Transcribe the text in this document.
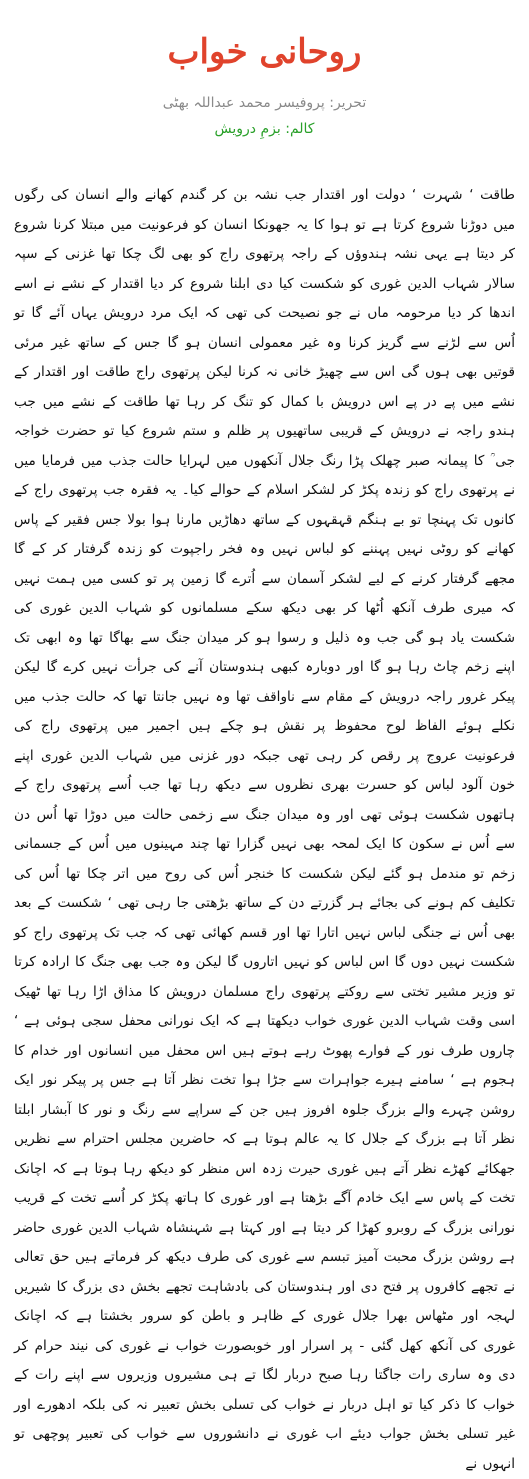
روحانی خواب
تحریر: پروفیسر محمد عبداللہ بھٹی
کالم: بزمِ درویش
طاقت ‘ شہرت ‘ دولت اور اقتدار جب نشہ بن کر گندم کھانے والے انسان کی رگوں میں دوڑنا شروع کرتا ہے تو ہوا کا یہ جھونکا انسان کو فرعونیت میں مبتلا کرنا شروع کر دیتا ہے یہی نشہ ہندوؤں کے راجہ پرتھوی راج کو بھی لگ چکا تھا غزنی کے سپہ سالار شہاب الدین غوری کو شکست کیا دی ابلنا شروع کر دیا اقتدار کے نشے نے اسے اندھا کر دیا مرحومہ ماں نے جو نصیحت کی تھی کہ ایک مرد درویش یہاں آئے گا تو اُس سے لڑنے سے گریز کرنا وہ غیر معمولی انسان ہو گا جس کے ساتھ غیر مرئی قوتیں بھی ہوں گی اس سے چھیڑ خانی نہ کرنا لیکن پرتھوی راج طاقت اور اقتدار کے نشے میں پے در پے اس درویش با کمال کو تنگ کر رہا تھا طاقت کے نشے میں جب ہندو راجہ نے درویش کے قریبی ساتھیوں پر ظلم و ستم شروع کیا تو حضرت خواجہ جی ؒ کا پیمانہ صبر چھلک پڑا رنگ جلال آنکھوں میں لہرایا حالت جذب میں فرمایا میں نے پرتھوی راج کو زندہ پکڑ کر لشکر اسلام کے حوالے کیا۔ یہ فقرہ جب پرتھوی راج کے کانوں تک پہنچا تو بے ہنگم قہقہوں کے ساتھ دھاڑیں مارنا ہوا بولا جس فقیر کے پاس کھانے کو روٹی نہیں پہننے کو لباس نہیں وہ فخر راجپوت کو زندہ گرفتار کر کے گا مجھے گرفتار کرنے کے لیے لشکر آسمان سے اُترے گا زمین پر تو کسی میں ہمت نہیں کہ میری طرف آنکھ اُٹھا کر بھی دیکھ سکے مسلمانوں کو شہاب الدین غوری کی شکست یاد ہو گی جب وہ ذلیل و رسوا ہو کر میدان جنگ سے بھاگا تھا وہ ابھی تک اپنے زخم چاٹ رہا ہو گا اور دوبارہ کبھی ہندوستان آنے کی جرأت نہیں کرے گا لیکن پیکر غرور راجہ درویش کے مقام سے ناواقف تھا وہ نہیں جانتا تھا کہ حالت جذب میں نکلے ہوئے الفاظ لوح محفوظ پر نقش ہو چکے ہیں اجمیر میں پرتھوی راج کی فرعونیت عروج پر رقص کر رہی تھی جبکہ دور غزنی میں شہاب الدین غوری اپنے خون آلود لباس کو حسرت بھری نظروں سے دیکھ رہا تھا جب اُسے پرتھوی راج کے ہاتھوں شکست ہوئی تھی اور وہ میدان جنگ سے زخمی حالت میں دوڑا تھا اُس دن سے اُس نے سکون کا ایک لمحہ بھی نہیں گزارا تھا چند مہینوں میں اُس کے جسمانی زخم تو مندمل ہو گئے لیکن شکست کا خنجر اُس کی روح میں اتر چکا تھا اُس کی تکلیف کم ہونے کی بجائے ہر گزرتے دن کے ساتھ بڑھتی جا رہی تھی ‘ شکست کے بعد بھی اُس نے جنگی لباس نہیں اتارا تھا اور قسم کھائی تھی کہ جب تک پرتھوی راج کو شکست نہیں دوں گا اس لباس کو نہیں اتاروں گا لیکن وہ جب بھی جنگ کا ارادہ کرتا تو وزیر مشیر تختی سے روکتے پرتھوی راج مسلمان درویش کا مذاق اڑا رہا تھا ٹھیک اسی وقت شہاب الدین غوری خواب دیکھتا ہے کہ ایک نورانی محفل سجی ہوئی ہے ‘ چاروں طرف نور کے فوارے پھوٹ رہے ہوتے ہیں اس محفل میں انسانوں اور خدام کا ہجوم ہے ‘ سامنے ہیرے جواہرات سے جڑا ہوا تخت نظر آتا ہے جس پر پیکر نور ایک روشن چہرے والے بزرگ جلوہ افروز ہیں جن کے سراپے سے رنگ و نور کا آبشار ابلتا نظر آتا ہے بزرگ کے جلال کا یہ عالم ہوتا ہے کہ حاضرین مجلس احترام سے نظریں جھکائے کھڑے نظر آتے ہیں غوری حیرت زدہ اس منظر کو دیکھ رہا ہوتا ہے کہ اچانک تخت کے پاس سے ایک خادم آگے بڑھتا ہے اور غوری کا ہاتھ پکڑ کر اُسے تخت کے قریب نورانی بزرگ کے روبرو کھڑا کر دیتا ہے اور کہتا ہے شہنشاہ شہاب الدین غوری حاضر ہے روشن بزرگ محبت آمیز تبسم سے غوری کی طرف دیکھ کر فرماتے ہیں حق تعالی نے تجھے کافروں پر فتح دی اور ہندوستان کی بادشاہت تجھے بخش دی بزرگ کا شیریں لہجہ اور مٹھاس بھرا جلال غوری کے ظاہر و باطن کو سرور بخشتا ہے کہ اچانک غوری کی آنکھ کھل گئی - پر اسرار اور خوبصورت خواب نے غوری کی نیند حرام کر دی وہ ساری رات جاگتا رہا صبح دربار لگا تے ہی مشیروں وزیروں سے اپنے رات کے خواب کا ذکر کیا تو اہل دربار نے خواب کی تسلی بخش تعبیر نہ کی بلکہ ادھورے اور غیر تسلی بخش جواب دیئے اب غوری نے دانشوروں سے خواب کی تعبیر پوچھی تو انہوں نے
